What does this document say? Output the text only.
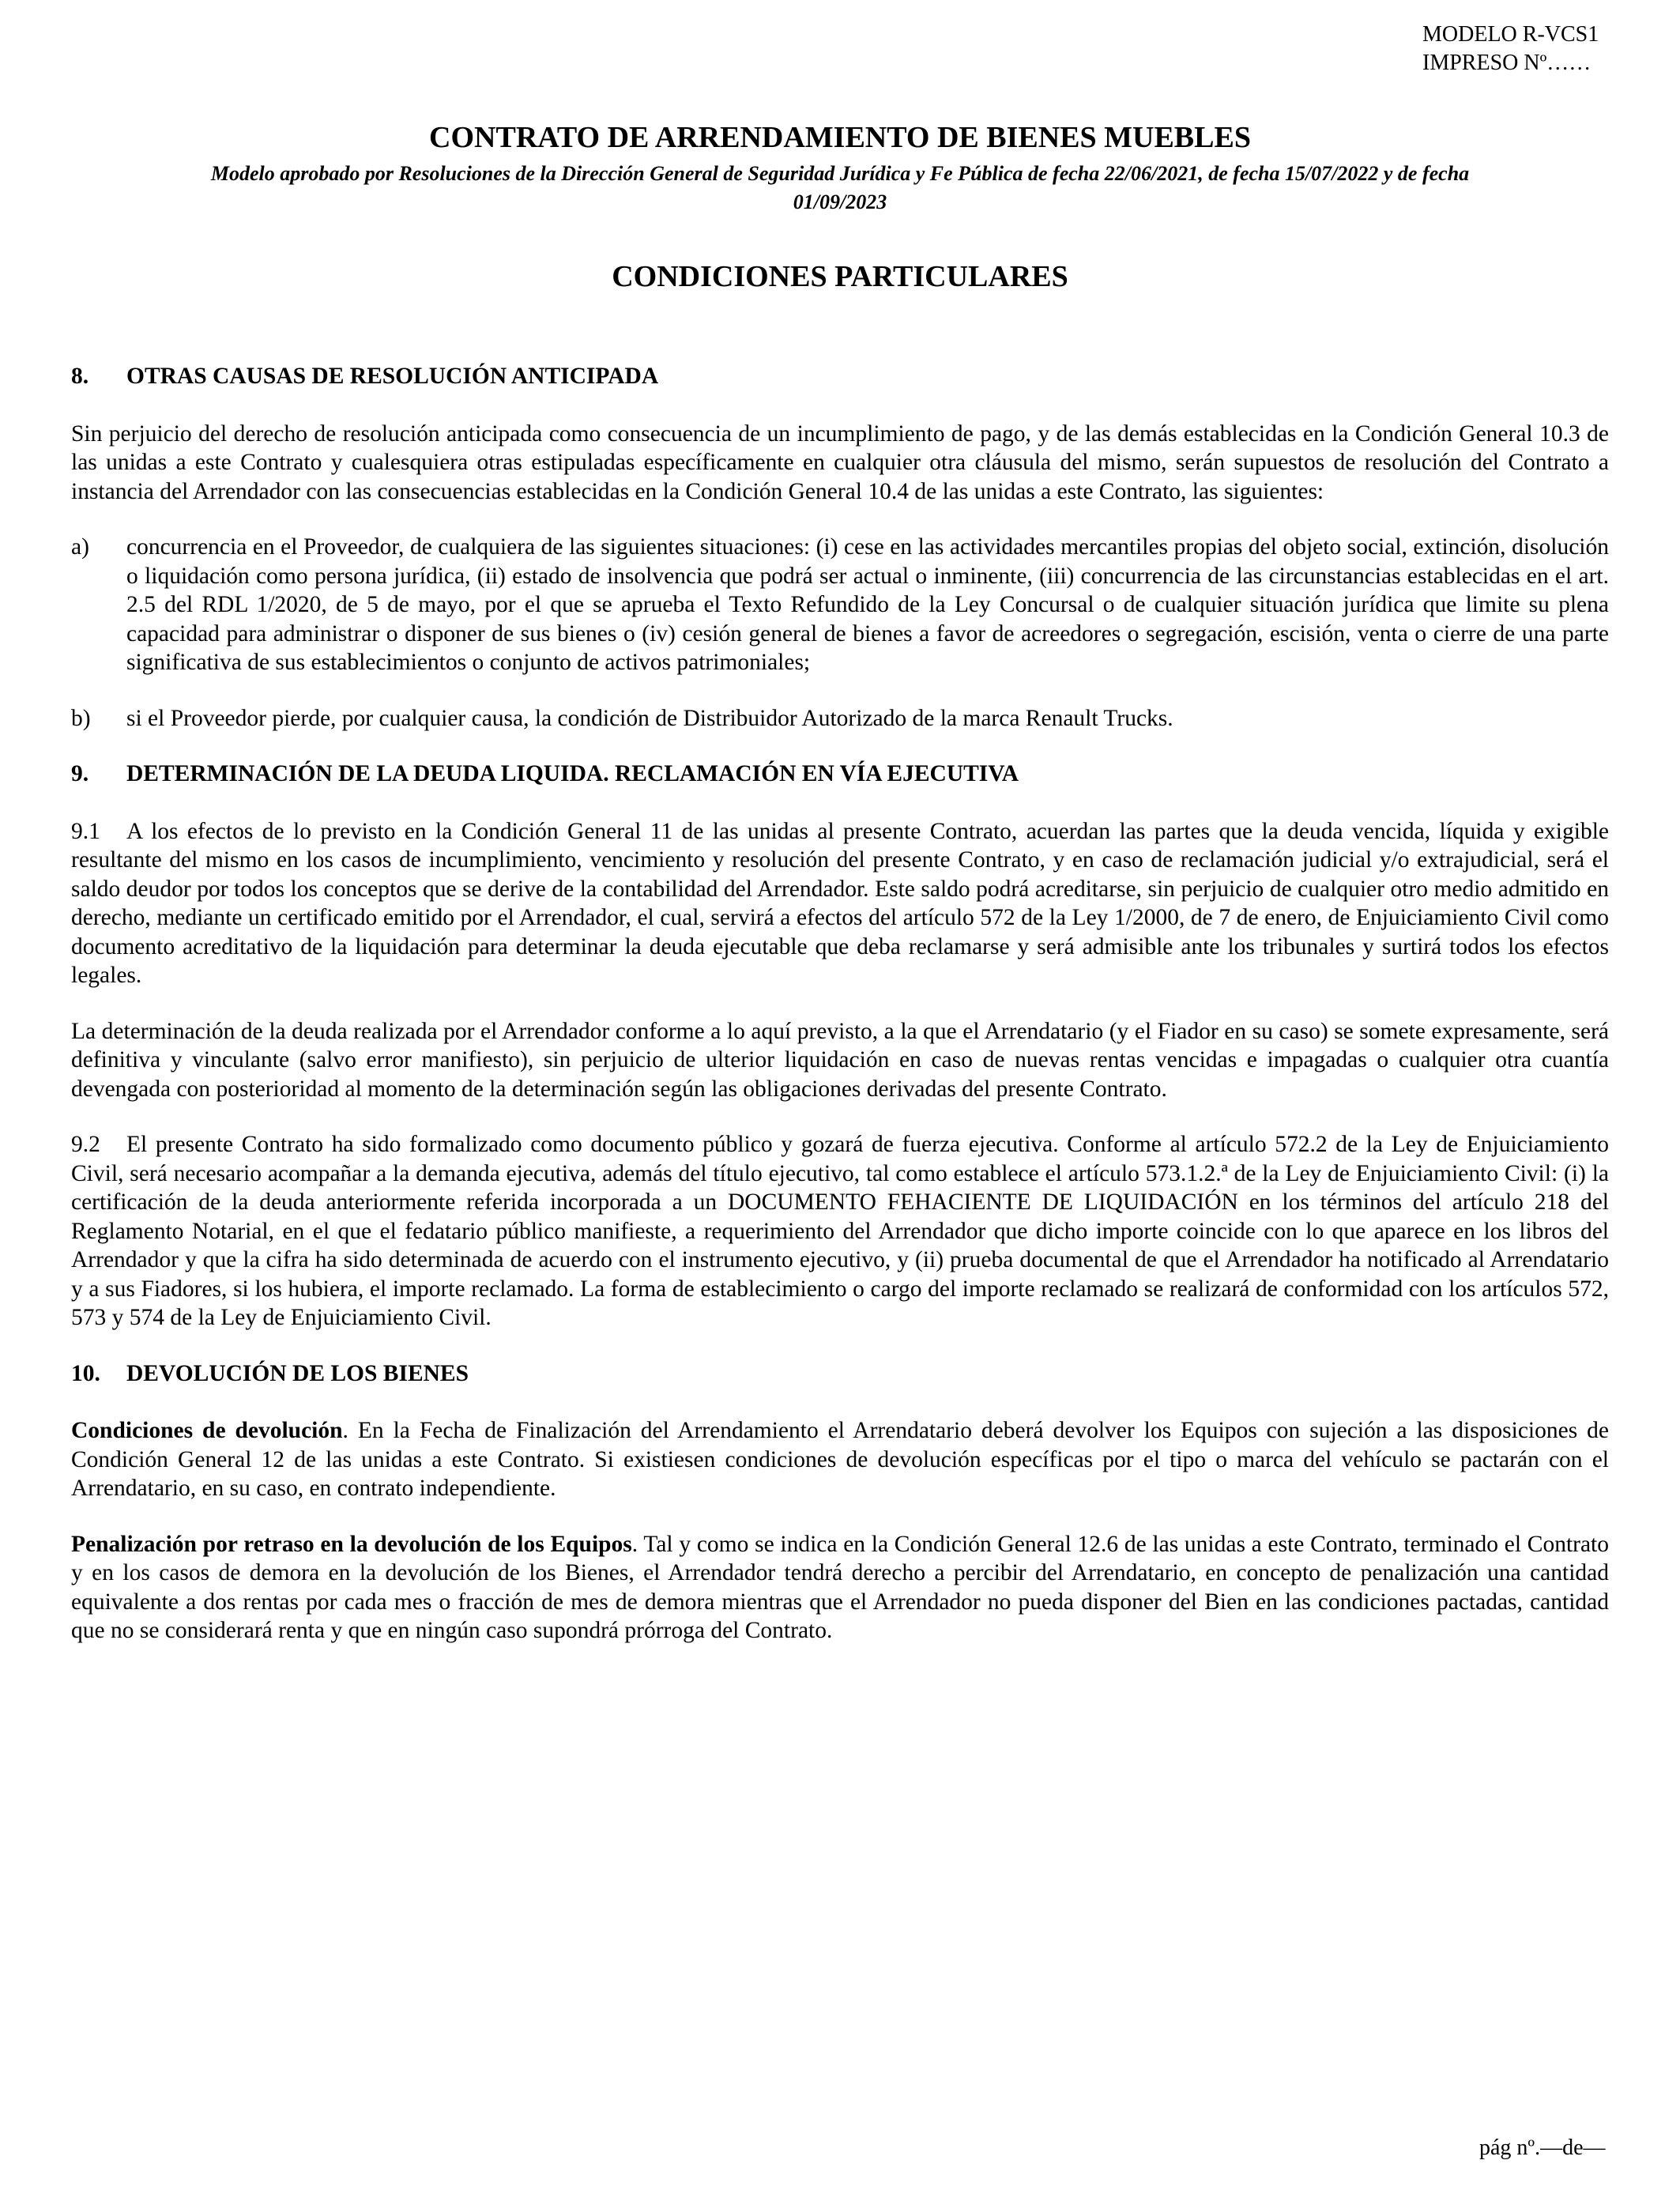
MODELO R-VCS1
IMPRESO Nº……
CONTRATO DE ARRENDAMIENTO DE BIENES MUEBLES
Modelo aprobado por Resoluciones de la Dirección General de Seguridad Jurídica y Fe Pública de fecha 22/06/2021, de fecha 15/07/2022 y de fecha 01/09/2023
CONDICIONES PARTICULARES
8. OTRAS CAUSAS DE RESOLUCIÓN ANTICIPADA

Sin perjuicio del derecho de resolución anticipada como consecuencia de un incumplimiento de pago, y de las demás establecidas en la Condición General 10.3 de las unidas a este Contrato y cualesquiera otras estipuladas específicamente en cualquier otra cláusula del mismo, serán supuestos de resolución del Contrato a instancia del Arrendador con las consecuencias establecidas en la Condición General 10.4 de las unidas a este Contrato, las siguientes:

a)	concurrencia en el Proveedor, de cualquiera de las siguientes situaciones: (i) cese en las actividades mercantiles propias del objeto social, extinción, disolución o liquidación como persona jurídica, (ii) estado de insolvencia que podrá ser actual o inminente, (iii) concurrencia de las circunstancias establecidas en el art. 2.5 del RDL 1/2020, de 5 de mayo, por el que se aprueba el Texto Refundido de la Ley Concursal o de cualquier situación jurídica que limite su plena capacidad para administrar o disponer de sus bienes o (iv) cesión general de bienes a favor de acreedores o segregación, escisión, venta o cierre de una parte significativa de sus establecimientos o conjunto de activos patrimoniales;
b)	si el Proveedor pierde, por cualquier causa, la condición de Distribuidor Autorizado de la marca Renault Trucks.
9. DETERMINACIÓN DE LA DEUDA LIQUIDA. RECLAMACIÓN EN VÍA EJECUTIVA

9.1 A los efectos de lo previsto en la Condición General 11 de las unidas al presente Contrato, acuerdan las partes que la deuda vencida, líquida y exigible resultante del mismo en los casos de incumplimiento, vencimiento y resolución del presente Contrato, y en caso de reclamación judicial y/o extrajudicial, será el saldo deudor por todos los conceptos que se derive de la contabilidad del Arrendador. Este saldo podrá acreditarse, sin perjuicio de cualquier otro medio admitido en derecho, mediante un certificado emitido por el Arrendador, el cual, servirá a efectos del artículo 572 de la Ley 1/2000, de 7 de enero, de Enjuiciamiento Civil como documento acreditativo de la liquidación para determinar la deuda ejecutable que deba reclamarse y será admisible ante los tribunales y surtirá todos los efectos legales.

La determinación de la deuda realizada por el Arrendador conforme a lo aquí previsto, a la que el Arrendatario (y el Fiador en su caso) se somete expresamente, será definitiva y vinculante (salvo error manifiesto), sin perjuicio de ulterior liquidación en caso de nuevas rentas vencidas e impagadas o cualquier otra cuantía devengada con posterioridad al momento de la determinación según las obligaciones derivadas del presente Contrato.

9.2 El presente Contrato ha sido formalizado como documento público y gozará de fuerza ejecutiva. Conforme al artículo 572.2 de la Ley de Enjuiciamiento Civil, será necesario acompañar a la demanda ejecutiva, además del título ejecutivo, tal como establece el artículo 573.1.2.ª de la Ley de Enjuiciamiento Civil: (i) la certificación de la deuda anteriormente referida incorporada a un DOCUMENTO FEHACIENTE DE LIQUIDACIÓN en los términos del artículo 218 del Reglamento Notarial, en el que el fedatario público manifieste, a requerimiento del Arrendador que dicho importe coincide con lo que aparece en los libros del Arrendador y que la cifra ha sido determinada de acuerdo con el instrumento ejecutivo, y (ii) prueba documental de que el Arrendador ha notificado al Arrendatario y a sus Fiadores, si los hubiera, el importe reclamado. La forma de establecimiento o cargo del importe reclamado se realizará de conformidad con los artículos 572, 573 y 574 de la Ley de Enjuiciamiento Civil.

10. DEVOLUCIÓN DE LOS BIENES

Condiciones de devolución. En la Fecha de Finalización del Arrendamiento el Arrendatario deberá devolver los Equipos con sujeción a las disposiciones de Condición General 12 de las unidas a este Contrato. Si existiesen condiciones de devolución específicas por el tipo o marca del vehículo se pactarán con el Arrendatario, en su caso, en contrato independiente.

Penalización por retraso en la devolución de los Equipos. Tal y como se indica en la Condición General 12.6 de las unidas a este Contrato, terminado el Contrato y en los casos de demora en la devolución de los Bienes, el Arrendador tendrá derecho a percibir del Arrendatario, en concepto de penalización una cantidad equivalente a dos rentas por cada mes o fracción de mes de demora mientras que el Arrendador no pueda disponer del Bien en las condiciones pactadas, cantidad que no se considerará renta y que en ningún caso supondrá prórroga del Contrato.

pág nº.—de—
